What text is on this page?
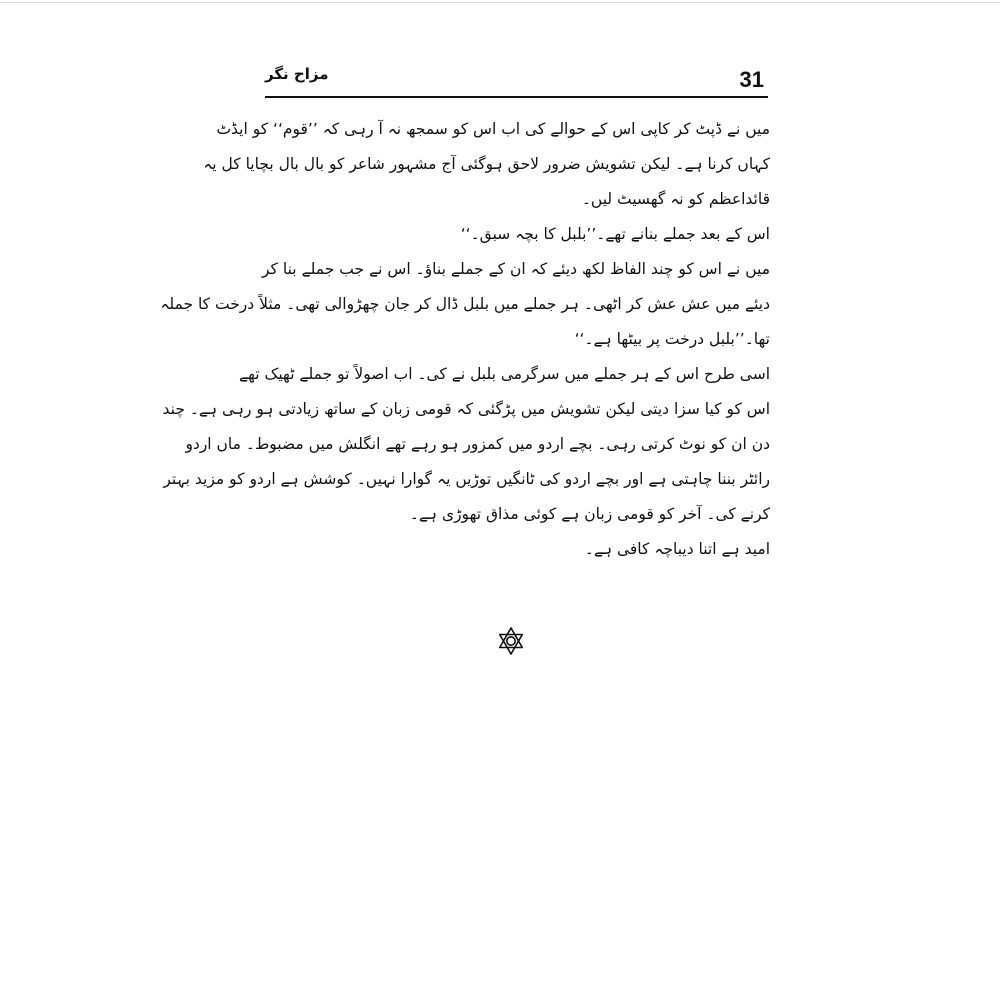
31
مزاح نگر
میں نے ڈپٹ کر کاپی اس کے حوالے کی اب اس کو سمجھ نہ آ رہی کہ ’’قوم‘‘ کو ایڈٹ
کہاں کرنا ہے۔ لیکن تشویش ضرور لاحق ہوگئی آج مشہور شاعر کو بال بال بچایا کل یہ
قائداعظم کو نہ گھسیٹ لیں۔
اس کے بعد جملے بنانے تھے۔’’بلبل کا بچہ سبق۔‘‘
میں نے اس کو چند الفاظ لکھ دیئے کہ ان کے جملے بناؤ۔ اس نے جب جملے بنا کر
دیئے میں عش عش کر اٹھی۔ ہر جملے میں بلبل ڈال کر جان چھڑوالی تھی۔ مثلاً درخت کا جملہ
تھا۔’’بلبل درخت پر بیٹھا ہے۔‘‘
اسی طرح اس کے ہر جملے میں سرگرمی بلبل نے کی۔ اب اصولاً تو جملے ٹھیک تھے
اس کو کیا سزا دیتی لیکن تشویش میں پڑگئی کہ قومی زبان کے ساتھ زیادتی ہو رہی ہے۔ چند
دن ان کو نوٹ کرتی رہی۔ بچے اردو میں کمزور ہو رہے تھے انگلش میں مضبوط۔ ماں اردو
رائٹر بننا چاہتی ہے اور بچے اردو کی ٹانگیں توڑیں یہ گوارا نہیں۔ کوشش ہے اردو کو مزید بہتر
کرنے کی۔ آخر کو قومی زبان ہے کوئی مذاق تھوڑی ہے۔
امید ہے اتنا دیباچہ کافی ہے۔
